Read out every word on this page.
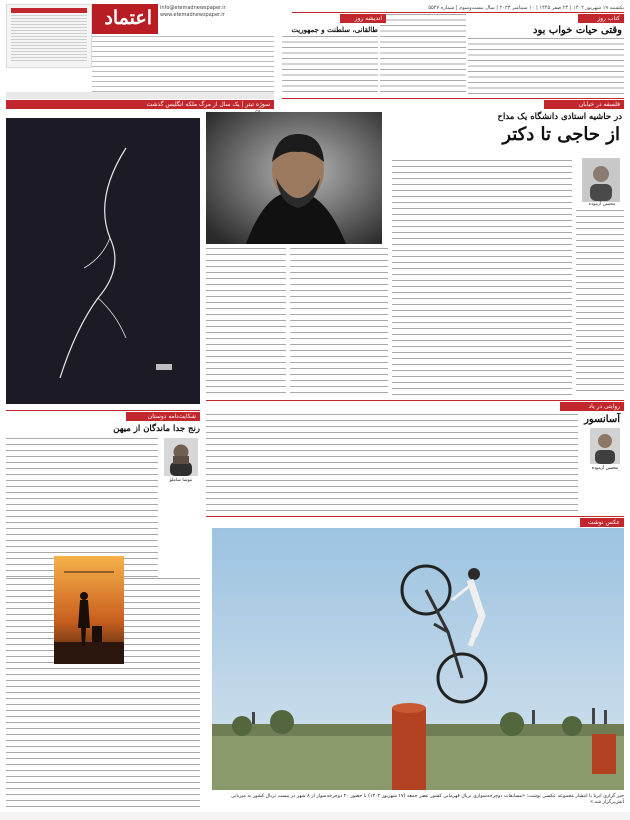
اعتماد info@etemadnewspaper.ir
www.etemadnewspaper.ir
سوژه تیتر | یک سال از مرگ ملکه انگلیس گذشت
یکشنبه ۱۹ شهریور ۱۴۰۲ | ۲۴ صفر ۱۴۴۵ | ۱۰ سپتامبر ۲۰۲۳ | سال بیست‌وسوم | شماره ۵۵۲۷
کتاب روز
وقتی حیات خواب بود
اندیشه روز
طالقانی، سلطنت و جمهوریت
فلسفه در خیابان
در حاشیه استادی دانشگاه یک مداح
از حاجی تا دکتر
محسن آزموده
روایتی در یاد
آسانسور
محسن آزموده
شکایت‌نامه دوستان
رنج جدا ماندگان از میهن
نیوشا شاملو
عکس نوشت
خبر گزاری ایرنا با انتشار مجموعه عکسی نوشت: «مسابقات دوچرخه‌سواری تریال قهرمانی کشور عصر جمعه (۱۷ شهریور ۱۴۰۲) با حضور ۲۰ دوچرخه‌سوار از ۸ شهر در پیست تریال کشور به میزبانی آتش‌برگزار شد.»
